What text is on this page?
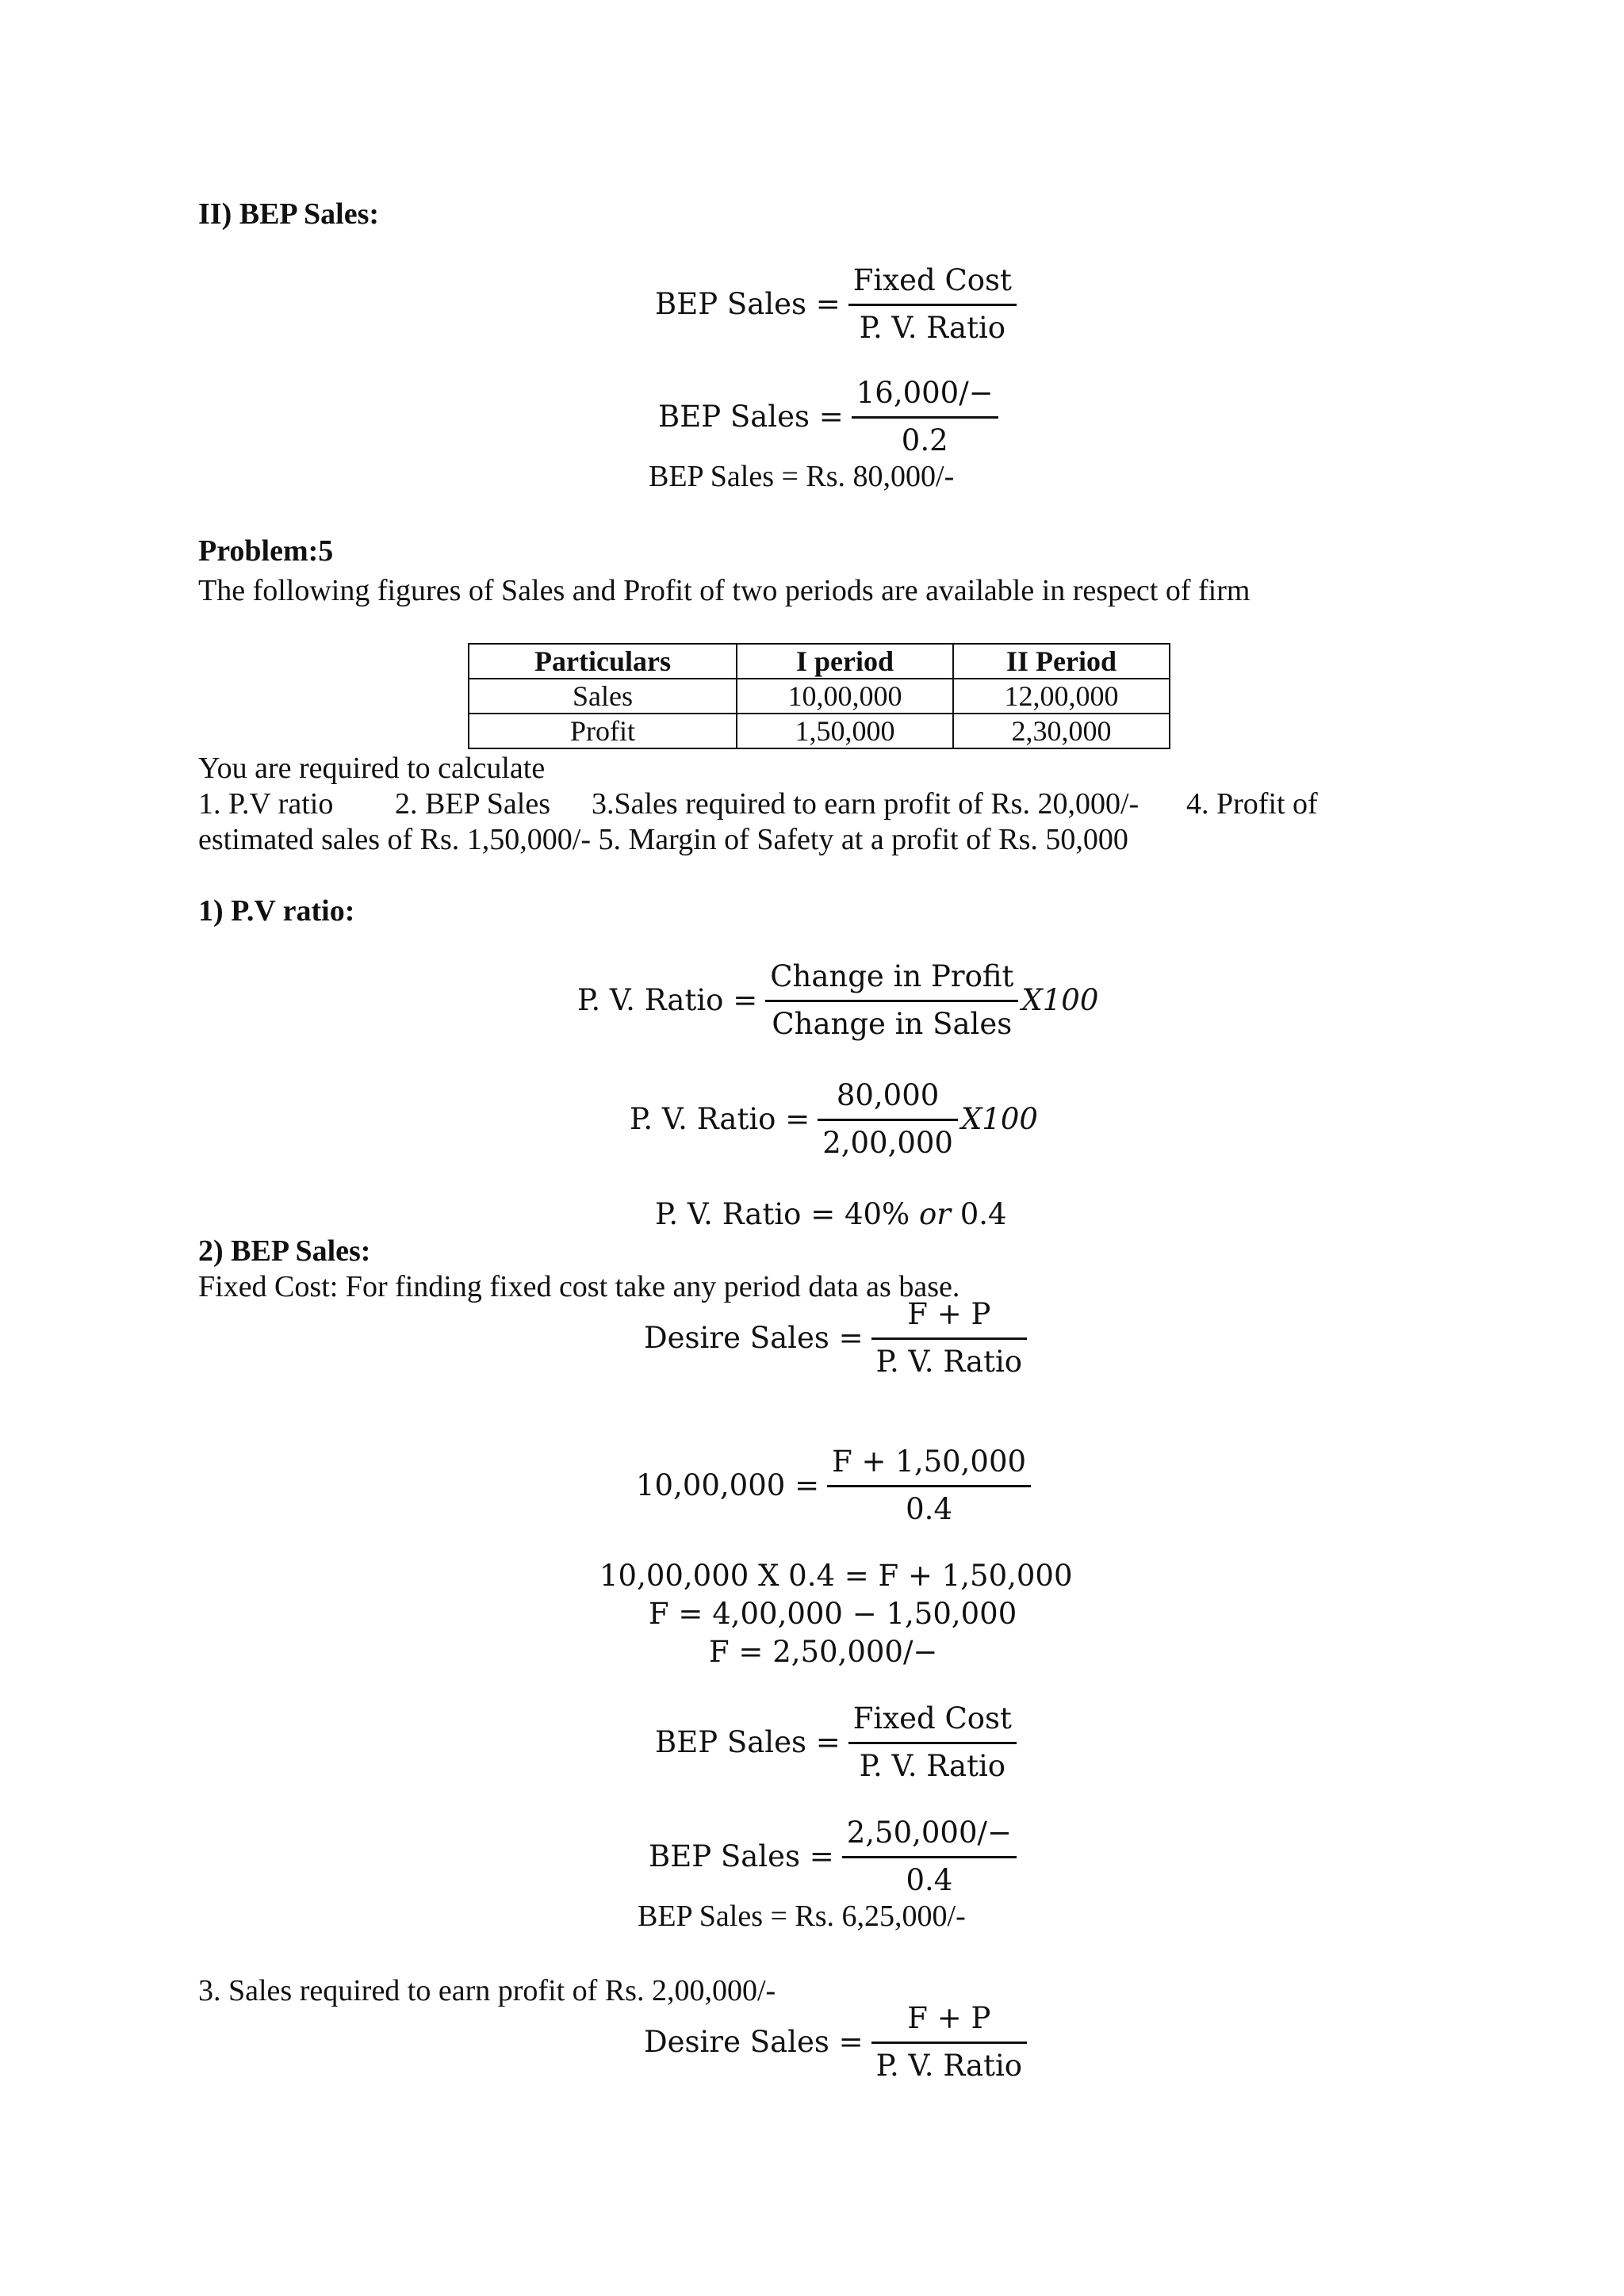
II) BEP Sales:
BEP Sales = $\frac{\text{Fixed Cost}}{\text{P. V. Ratio}}$
BEP Sales = $\frac{16,000/-}{0.2}$
BEP Sales = Rs. 80,000/-
Problem:5
The following figures of Sales and Profit of two periods are available in respect of firm
Particulars	I period	II Period
Sales	10,00,000	12,00,000
Profit	1,50,000	2,30,000
You are required to calculate
1. P.V ratio 2. BEP Sales 3.Sales required to earn profit of Rs. 20,000/- 4. Profit of
estimated sales of Rs. 1,50,000/- 5. Margin of Safety at a profit of Rs. 50,000
1) P.V ratio:
P. V. Ratio = $\frac{\text{Change in Profit}}{\text{Change in Sales}} X100$
P. V. Ratio = $\frac{80,000}{2,00,000} X100$
P. V. Ratio = 40% or 0.4
2) BEP Sales:
Fixed Cost: For finding fixed cost take any period data as base.
Desire Sales = $\frac{F + P}{\text{P. V. Ratio}}$
$10,00,000 = \frac{F + 1,50,000}{0.4}$
10,00,000 X 0.4 = F + 1,50,000
F = 4,00,000 − 1,50,000
F = 2,50,000/−
BEP Sales = $\frac{\text{Fixed Cost}}{\text{P. V. Ratio}}$
BEP Sales = $\frac{2,50,000/-}{0.4}$
BEP Sales = Rs. 6,25,000/-
3. Sales required to earn profit of Rs. 2,00,000/-
Desire Sales = $\frac{F + P}{\text{P. V. Ratio}}$
